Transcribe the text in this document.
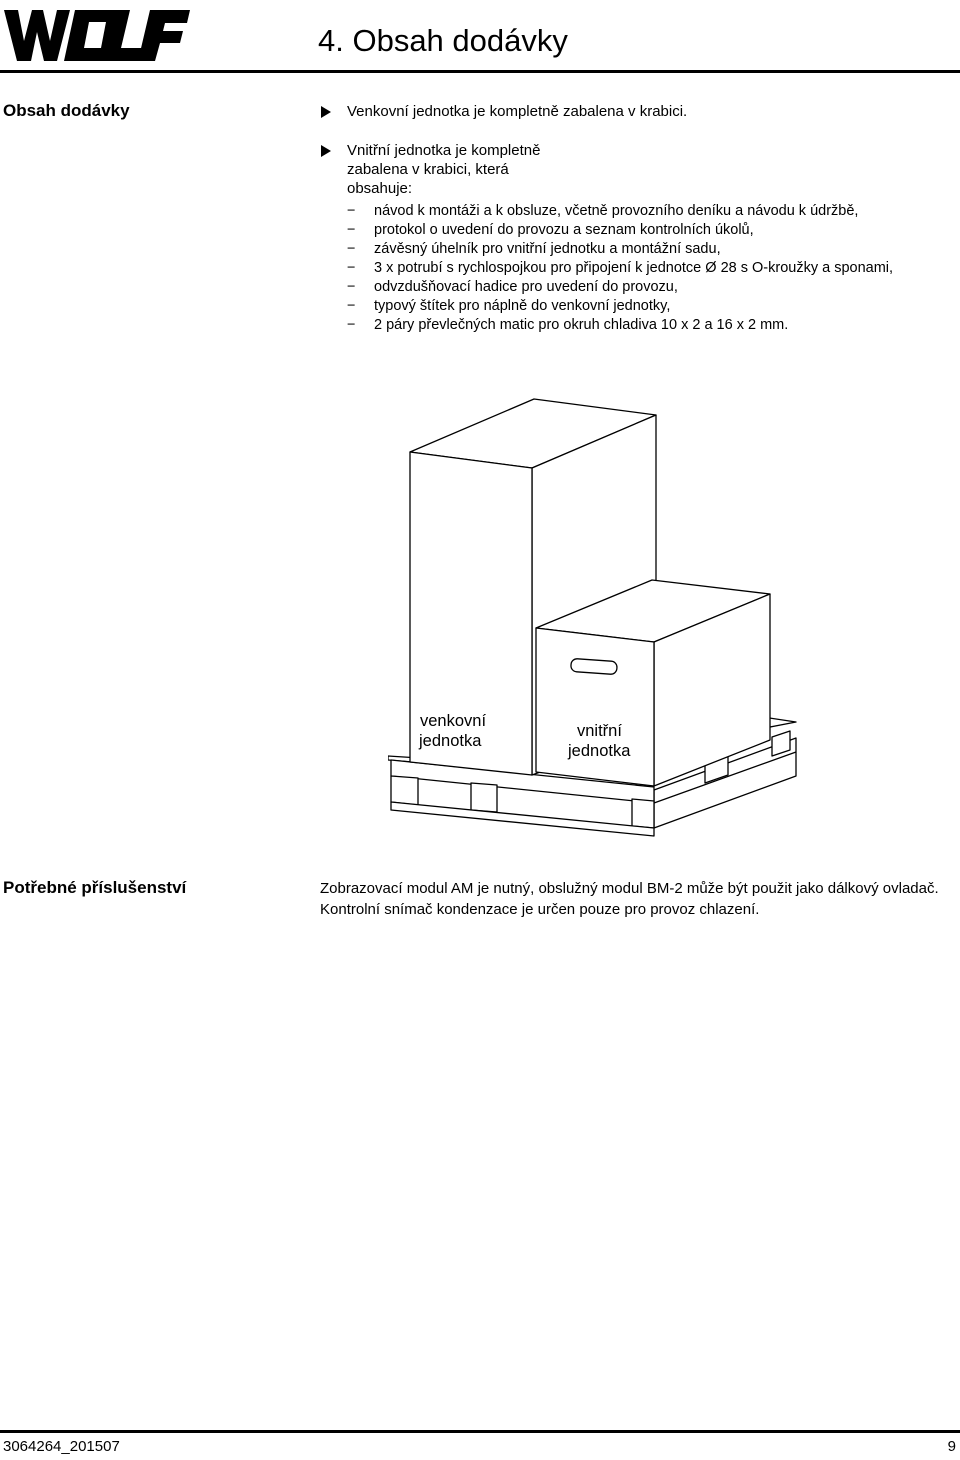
4. Obsah dodávky
Obsah dodávky	Venkovní jednotka je kompletně zabalena v krabici.
Vnitřní jednotka je kompletně zabalena v krabici, která obsahuje:
− návod k montáži a k obsluze, včetně provozního deníku a návodu k údržbě,
− protokol o uvedení do provozu a seznam kontrolních úkolů,
− závěsný úhelník pro vnitřní jednotku a montážní sadu,
− 3 x potrubí s rychlospojkou pro připojení k jednotce Ø 28 s O-kroužky a sponami,
− odvzdušňovací hadice pro uvedení do provozu,
− typový štítek pro náplně do venkovní jednotky,
− 2 páry převlečných matic pro okruh chladiva 10 x 2 a 16 x 2 mm.
venkovní
jednotka
vnitřní
jednotka
Potřebné příslušenství	Zobrazovací modul AM je nutný, obslužný modul BM-2 může být použit jako dálkový ovladač. Kontrolní snímač kondenzace je určen pouze pro provoz chlazení.

3064264_201507	9
